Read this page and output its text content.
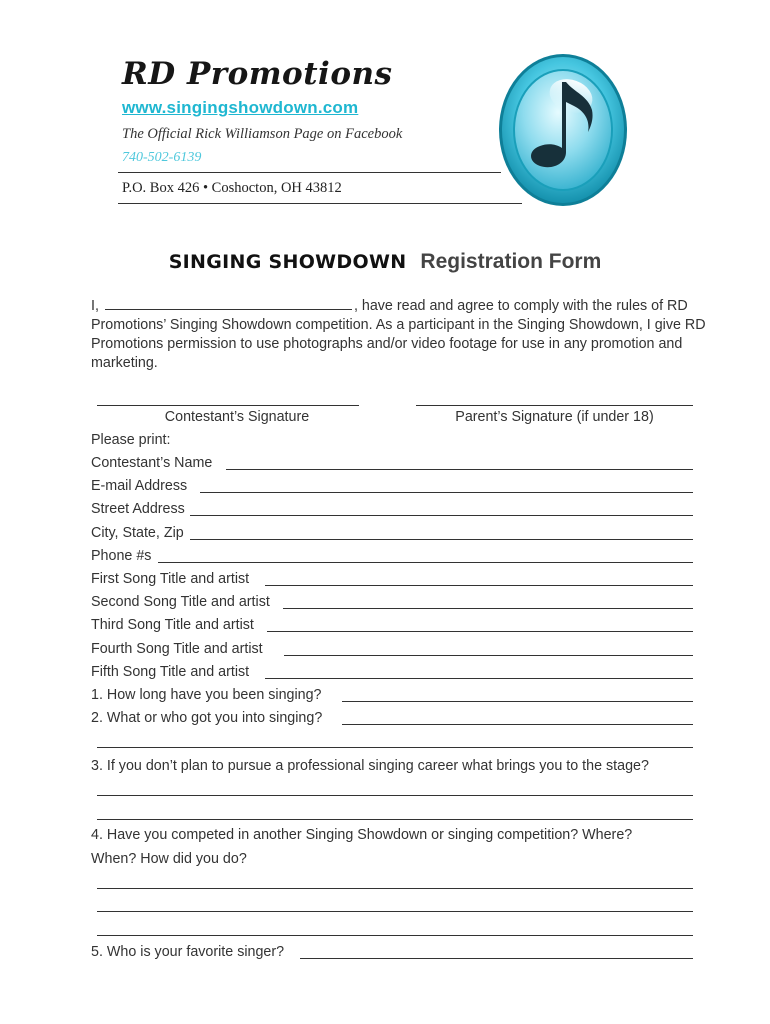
RD Promotions
www.singingshowdown.com
The Official Rick Williamson Page on Facebook
740-502-6139
P.O. Box 426 • Coshocton, OH 43812
SINGING SHOWDOWN Registration Form
I,	, have read and agree to comply with the rules of RD Promotions’ Singing Showdown competition. As a participant in the Singing Showdown, I give RD Promotions permission to use photographs and/or video footage for use in any promotion and marketing.
Contestant’s Signature	Parent’s Signature (if under 18)
Please print:
Contestant’s Name
E-mail Address
Street Address
City, State, Zip
Phone #s
First Song Title and artist
Second Song Title and artist
Third Song Title and artist
Fourth Song Title and artist
Fifth Song Title and artist
1. How long have you been singing?
2. What or who got you into singing?
3. If you don’t plan to pursue a professional singing career what brings you to the stage?
4. Have you competed in another Singing Showdown or singing competition? Where?
When? How did you do?
5. Who is your favorite singer?
